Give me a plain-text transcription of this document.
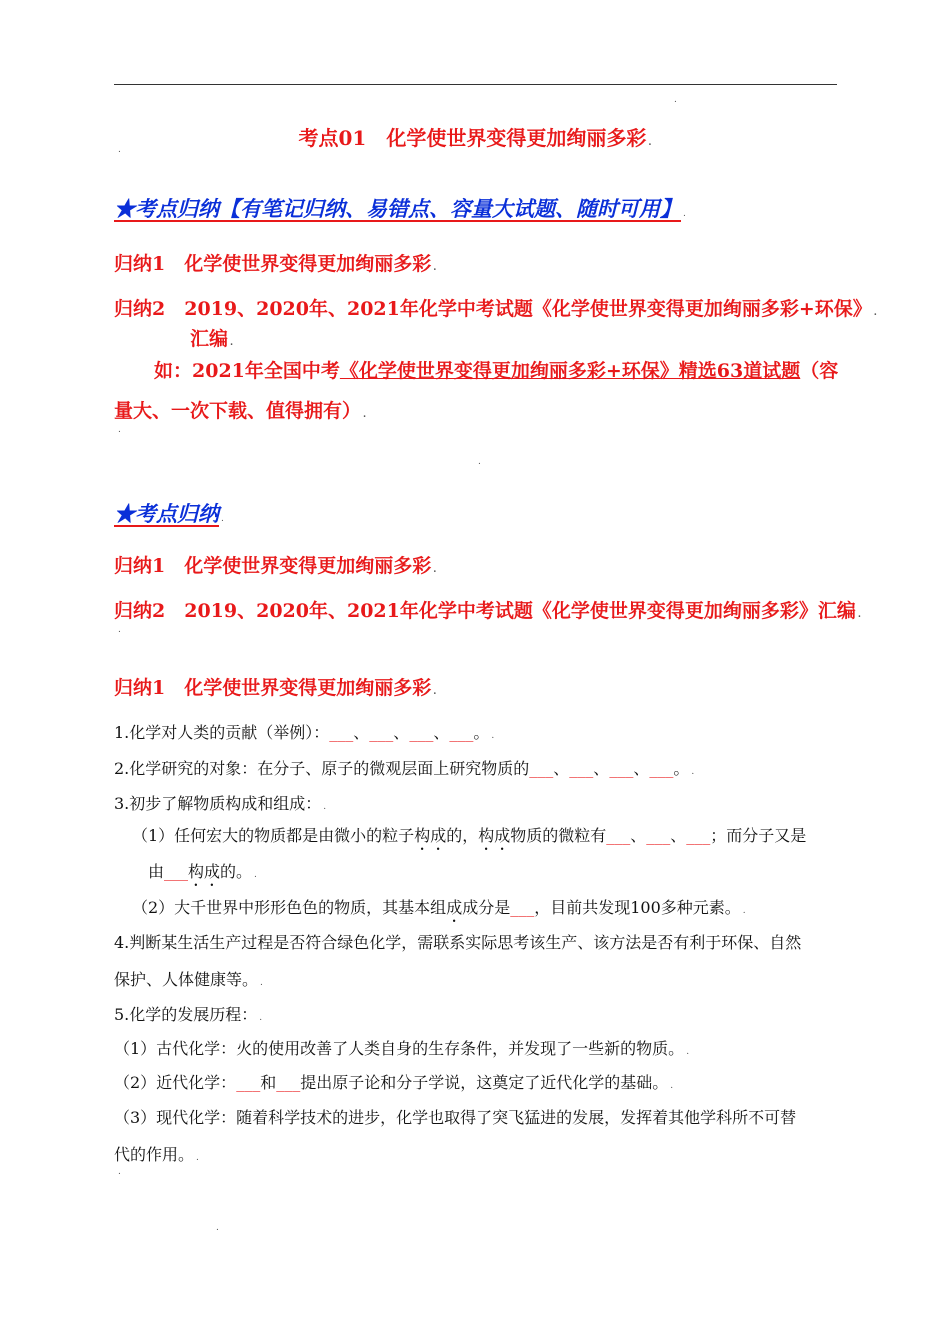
.
考点01　化学使世界变得更加绚丽多彩 .
.
★考点归纳【有笔记归纳、易错点、容量大试题、随时可用】 .
归纳1　化学使世界变得更加绚丽多彩 .
归纳2　2019、2020年、2021年化学中考试题《化学使世界变得更加绚丽多彩+环保》 .
汇编 .
如：2021年全国中考《化学使世界变得更加绚丽多彩+环保》精选63道试题（容
量大、一次下载、值得拥有） .
.
.
★考点归纳 .
归纳1　化学使世界变得更加绚丽多彩 .
归纳2　2019、2020年、2021年化学中考试题《化学使世界变得更加绚丽多彩》汇编 .
.
归纳1　化学使世界变得更加绚丽多彩 .
1.化学对人类的贡献（举例）：___、___、___、___。 .
2.化学研究的对象：在分子、原子的微观层面上研究物质的___、___、___、___。 .
3.初步了解物质构成和组成： .
（1）任何宏大的物质都是由微小的粒子构成的，构成物质的微粒有___、___、___；而分子又是
由___构成的。 .
（2）大千世界中形形色色的物质，其基本组成成分是___，目前共发现100多种元素。 .
4.判断某生活生产过程是否符合绿色化学，需联系实际思考该生产、该方法是否有利于环保、自然
保护、人体健康等。 .
5.化学的发展历程： .
（1）古代化学：火的使用改善了人类自身的生存条件，并发现了一些新的物质。 .
（2）近代化学：___和___提出原子论和分子学说，这奠定了近代化学的基础。 .
（3）现代化学：随着科学技术的进步，化学也取得了突飞猛进的发展，发挥着其他学科所不可替
代的作用。 .
.
.
